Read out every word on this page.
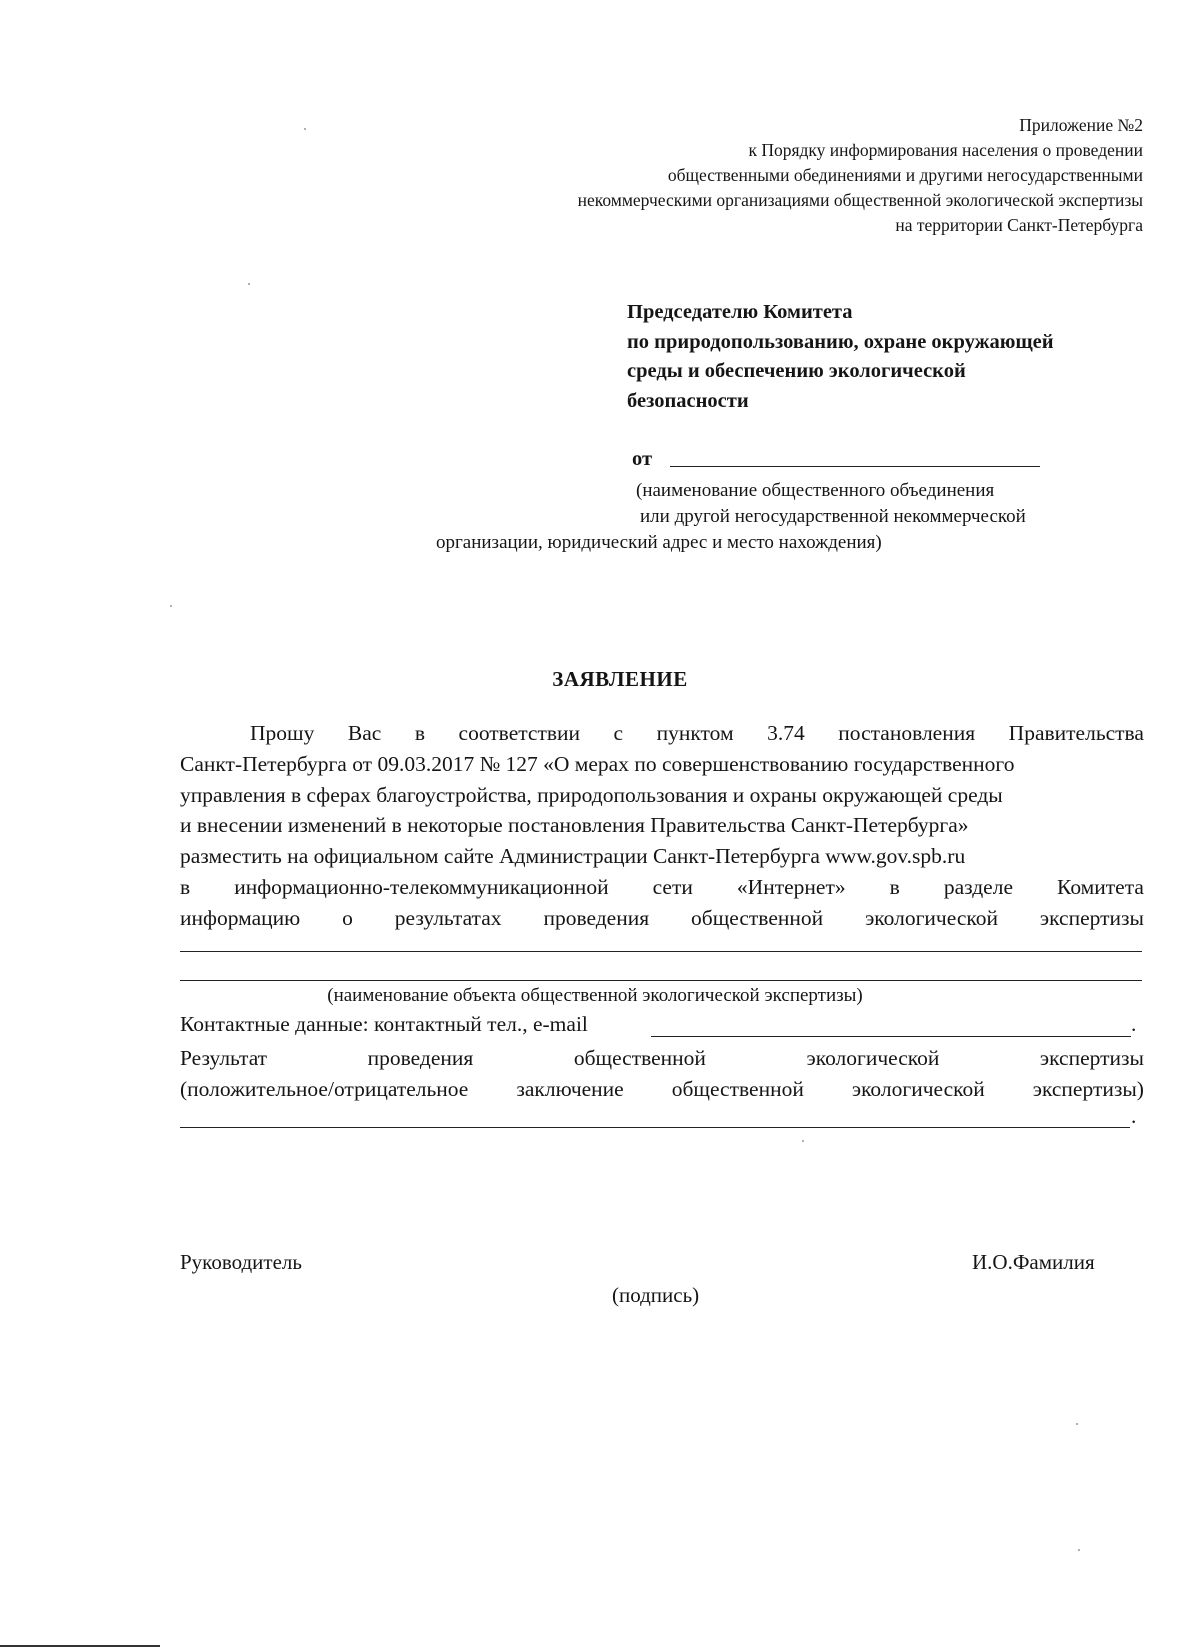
Приложение №2
к Порядку информирования населения о проведении
общественными обединениями и другими негосударственными
некоммерческими организациями общественной экологической экспертизы
на территории Санкт-Петербурга
Председателю Комитета
по природопользованию, охране окружающей
среды и обеспечению экологической
безопасности
от
(наименование общественного объединения
или другой негосударственной некоммерческой
организации, юридический адрес и место нахождения)
ЗАЯВЛЕНИЕ
Прошу Вас в соответствии с пунктом 3.74 постановления Правительства
Санкт-Петербурга от 09.03.2017 № 127 «О мерах по совершенствованию государственного
управления в сферах благоустройства, природопользования и охраны окружающей среды
и внесении изменений в некоторые постановления Правительства Санкт-Петербурга»
разместить на официальном сайте Администрации Санкт-Петербурга www.gov.spb.ru
в информационно-телекоммуникационной сети «Интернет» в разделе Комитета
информацию о результатах проведения общественной экологической экспертизы
(наименование объекта общественной экологической экспертизы)
Контактные данные: контактный тел., e-mail	.
Результат	проведения	общественной	экологической	экспертизы
(положительное/отрицательное заключение общественной экологической экспертизы)
.
Руководитель	И.О.Фамилия
(подпись)
